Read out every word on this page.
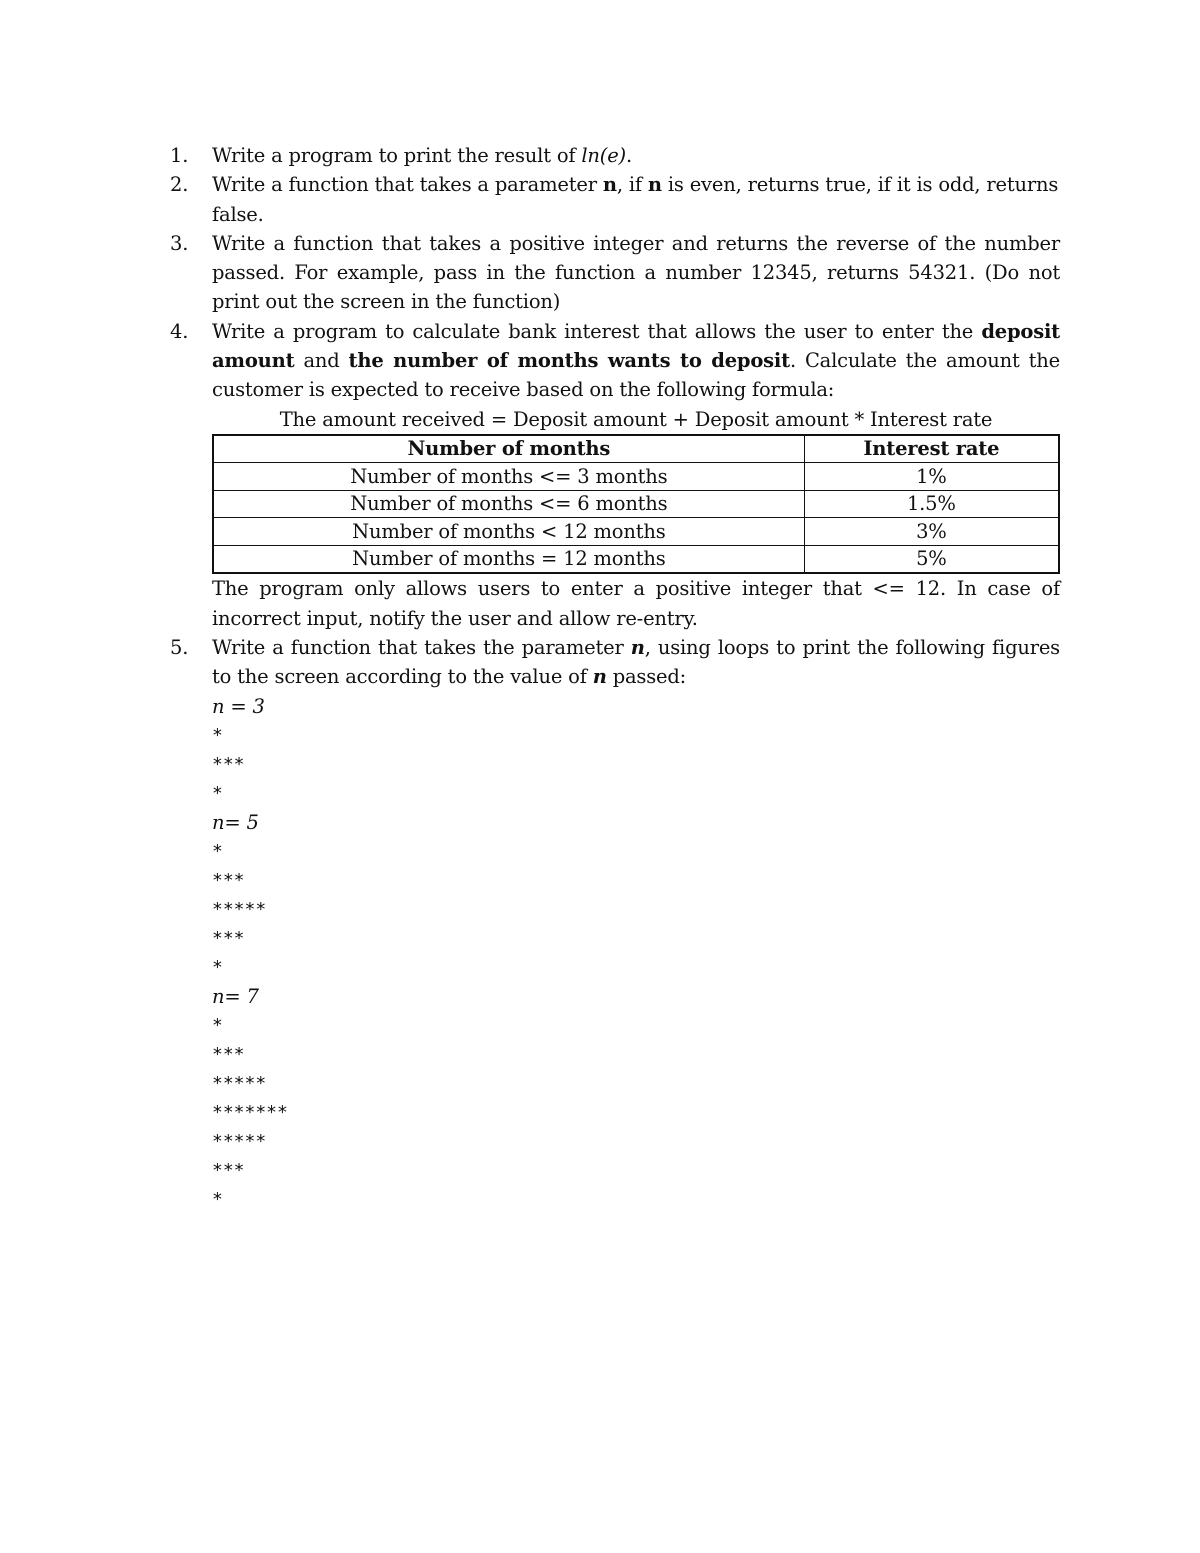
1.	Write a program to print the result of ln(e).
2.	Write a function that takes a parameter n, if n is even, returns true, if it is odd, returns false.
3.	Write a function that takes a positive integer and returns the reverse of the number passed. For example, pass in the function a number 12345, returns 54321. (Do not print out the screen in the function)
4.	Write a program to calculate bank interest that allows the user to enter the deposit amount and the number of months wants to deposit. Calculate the amount the customer is expected to receive based on the following formula:
The amount received = Deposit amount + Deposit amount * Interest rate
Number of months	Interest rate
Number of months <= 3 months	1%
Number of months <= 6 months	1.5%
Number of months < 12 months	3%
Number of months = 12 months	5%
The program only allows users to enter a positive integer that <= 12. In case of incorrect input, notify the user and allow re-entry.
5.	Write a function that takes the parameter n, using loops to print the following figures to the screen according to the value of n passed:
n = 3
*
***
*
n= 5
*
***
*****
***
*
n= 7
*
***
*****
*******
*****
***
*
